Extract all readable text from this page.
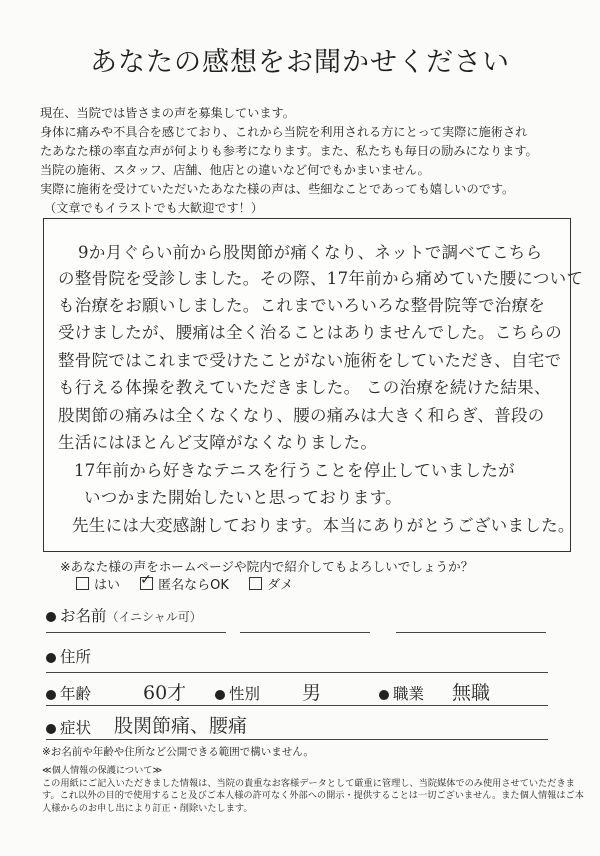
あなたの感想をお聞かせください
現在、当院では皆さまの声を募集しています。
身体に痛みや不具合を感じており、これから当院を利用される方にとって実際に施術され
たあなた様の率直な声が何よりも参考になります。また、私たちも毎日の励みになります。
当院の施術、スタッフ、店舗、他店との違いなど何でもかまいません。
実際に施術を受けていただいたあなた様の声は、些細なことであっても嬉しいのです。
（文章でもイラストでも大歓迎です！）
9か月ぐらい前から股関節が痛くなり、ネットで調べてこちら
の整骨院を受診しました。その際、17年前から痛めていた腰について
も治療をお願いしました。これまでいろいろな整骨院等で治療を
受けましたが、腰痛は全く治ることはありませんでした。こちらの
整骨院ではこれまで受けたことがない施術をしていただき、自宅で
も行える体操を教えていただきました。 この治療を続けた結果、
股関節の痛みは全くなくなり、腰の痛みは大きく和らぎ、普段の
生活にはほとんど支障がなくなりました。
17年前から好きなテニスを行うことを停止していましたが
いつかまた開始したいと思っております。
先生には大変感謝しております。本当にありがとうございました。
※あなた様の声をホームページや院内で紹介してもよろしいでしょうか？
はい ✓ 匿名ならOK	ダメ
お名前（イニシャル可）
住所
年齢	60才	性別 男	職業 無職
症状 股関節痛、腰痛
※お名前や年齢や住所など公開できる範囲で構いません。
≪個人情報の保護について≫
この用紙にご記入いただきました情報は、当院の貴重なお客様データとして厳重に管理し、当院媒体でのみ使用させていただきま
す。これ以外の目的で使用すること及びご本人様の許可なく外部への開示・提供することは一切ございません。また個人情報はご本
人様からのお申し出により訂正・削除いたします。
